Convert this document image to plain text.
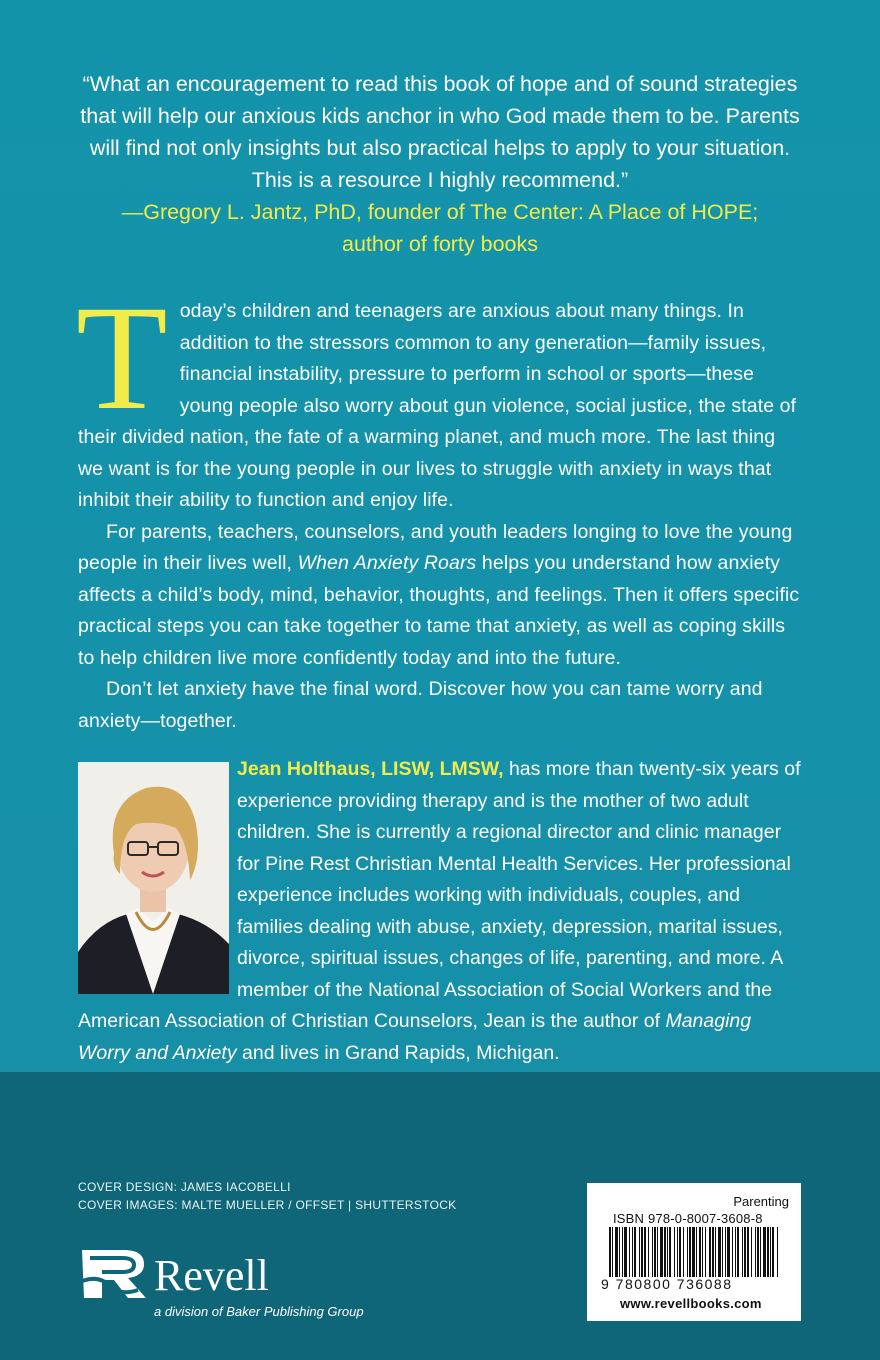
“What an encouragement to read this book of hope and of sound strategies that will help our anxious kids anchor in who God made them to be. Parents will find not only insights but also practical helps to apply to your situation. This is a resource I highly recommend.”
—Gregory L. Jantz, PhD, founder of The Center: A Place of HOPE;
author of forty books

Today’s children and teenagers are anxious about many things. In addition to the stressors common to any generation—family issues, financial instability, pressure to perform in school or sports—these young people also worry about gun violence, social justice, the state of their divided nation, the fate of a warming planet, and much more. The last thing we want is for the young people in our lives to struggle with anxiety in ways that inhibit their ability to function and enjoy life.

For parents, teachers, counselors, and youth leaders longing to love the young people in their lives well, When Anxiety Roars helps you understand how anxiety affects a child’s body, mind, behavior, thoughts, and feelings. Then it offers specific practical steps you can take together to tame that anxiety, as well as coping skills to help children live more confidently today and into the future.

Don’t let anxiety have the final word. Discover how you can tame worry and anxiety—together.

Jean Holthaus, LISW, LMSW, has more than twenty-six years of experience providing therapy and is the mother of two adult children. She is currently a regional director and clinic manager for Pine Rest Christian Mental Health Services. Her professional experience includes working with individuals, couples, and families dealing with abuse, anxiety, depression, marital issues, divorce, spiritual issues, changes of life, parenting, and more. A member of the National Association of Social Workers and the American Association of Christian Counselors, Jean is the author of Managing Worry and Anxiety and lives in Grand Rapids, Michigan.
COVER DESIGN: JAMES IACOBELLI
COVER IMAGES: MALTE MUELLER / OFFSET | SHUTTERSTOCK
Revell
a division of Baker Publishing Group
Parenting
ISBN 978-0-8007-3608-8
9 780800 736088
www.revellbooks.com
